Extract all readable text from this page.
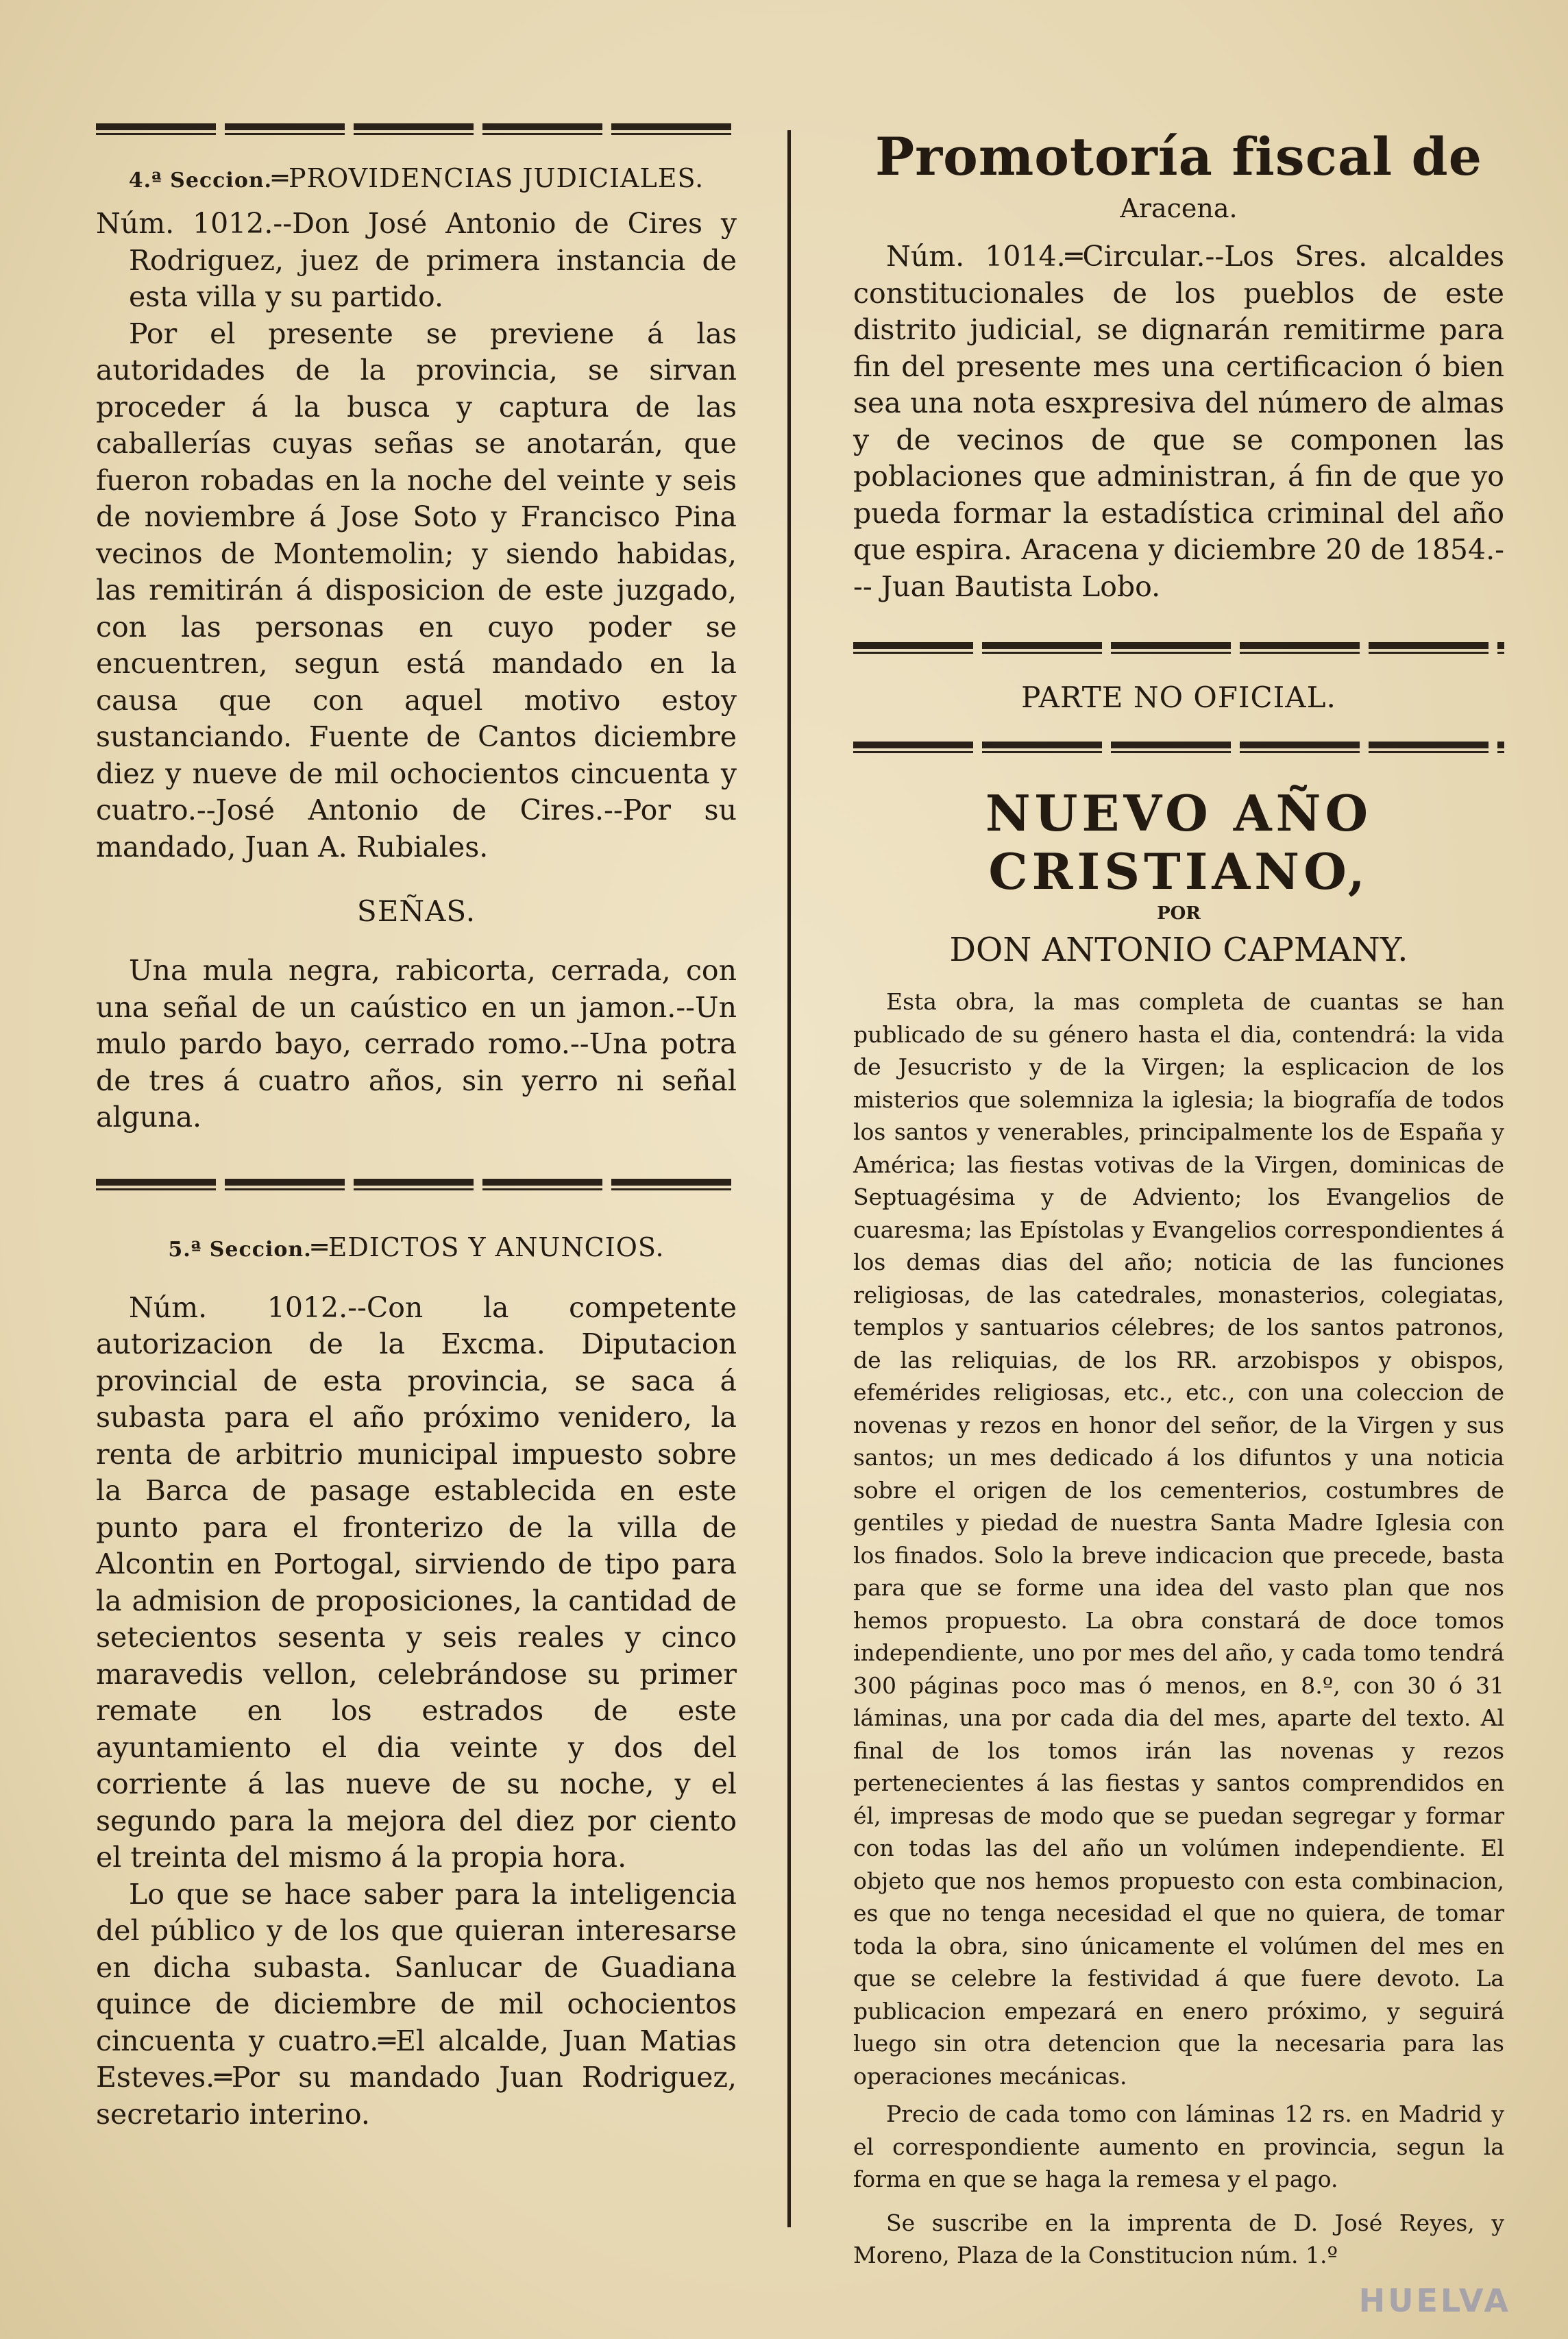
4.ª Seccion.═PROVIDENCIAS JUDICIALES.

Núm. 1012.--Don José Antonio de Cires y Rodriguez, juez de primera instancia de esta villa y su partido.

Por el presente se previene á las autoridades de la provincia, se sirvan proceder á la busca y captura de las caballerías cuyas señas se anotarán, que fueron robadas en la noche del veinte y seis de noviembre á Jose Soto y Francisco Pina vecinos de Montemolin; y siendo habidas, las remitirán á disposicion de este juzgado, con las personas en cuyo poder se encuentren, segun está mandado en la causa que con aquel motivo estoy sustanciando. Fuente de Cantos diciembre diez y nueve de mil ochocientos cincuenta y cuatro.--José Antonio de Cires.--Por su mandado, Juan A. Rubiales.

SEÑAS.

Una mula negra, rabicorta, cerrada, con una señal de un caústico en un jamon.--Un mulo pardo bayo, cerrado romo.--Una potra de tres á cuatro años, sin yerro ni señal alguna.

5.ª Seccion.═EDICTOS Y ANUNCIOS.

Núm. 1012.--Con la competente autorizacion de la Excma. Diputacion provincial de esta provincia, se saca á subasta para el año próximo venidero, la renta de arbitrio municipal impuesto sobre la Barca de pasage establecida en este punto para el fronterizo de la villa de Alcontin en Portogal, sirviendo de tipo para la admision de proposiciones, la cantidad de setecientos sesenta y seis reales y cinco maravedis vellon, celebrándose su primer remate en los estrados de este ayuntamiento el dia veinte y dos del corriente á las nueve de su noche, y el segundo para la mejora del diez por ciento el treinta del mismo á la propia hora.

Lo que se hace saber para la inteligencia del público y de los que quieran interesarse en dicha subasta. Sanlucar de Guadiana quince de diciembre de mil ochocientos cincuenta y cuatro.═El alcalde, Juan Matias Esteves.═Por su mandado Juan Rodriguez, secretario interino.

Promotoría fiscal de
Aracena.

Núm. 1014.═Circular.--Los Sres. alcaldes constitucionales de los pueblos de este distrito judicial, se dignarán remitirme para fin del presente mes una certificacion ó bien sea una nota esxpresiva del número de almas y de vecinos de que se componen las poblaciones que administran, á fin de que yo pueda formar la estadística criminal del año que espira. Aracena y diciembre 20 de 1854.--- Juan Bautista Lobo.

PARTE NO OFICIAL.
NUEVO AÑO CRISTIANO,
POR
DON ANTONIO CAPMANY.

Esta obra, la mas completa de cuantas se han publicado de su género hasta el dia, contendrá: la vida de Jesucristo y de la Virgen; la esplicacion de los misterios que solemniza la iglesia; la biografía de todos los santos y venerables, principalmente los de España y América; las fiestas votivas de la Virgen, dominicas de Septuagésima y de Adviento; los Evangelios de cuaresma; las Epístolas y Evangelios correspondientes á los demas dias del año; noticia de las funciones religiosas, de las catedrales, monasterios, colegiatas, templos y santuarios célebres; de los santos patronos, de las reliquias, de los RR. arzobispos y obispos, efemérides religiosas, etc., etc., con una coleccion de novenas y rezos en honor del señor, de la Virgen y sus santos; un mes dedicado á los difuntos y una noticia sobre el origen de los cementerios, costumbres de gentiles y piedad de nuestra Santa Madre Iglesia con los finados. Solo la breve indicacion que precede, basta para que se forme una idea del vasto plan que nos hemos propuesto. La obra constará de doce tomos independiente, uno por mes del año, y cada tomo tendrá 300 páginas poco mas ó menos, en 8.º, con 30 ó 31 láminas, una por cada dia del mes, aparte del texto. Al final de los tomos irán las novenas y rezos pertenecientes á las fiestas y santos comprendidos en él, impresas de modo que se puedan segregar y formar con todas las del año un volúmen independiente. El objeto que nos hemos propuesto con esta combinacion, es que no tenga necesidad el que no quiera, de tomar toda la obra, sino únicamente el volúmen del mes en que se celebre la festividad á que fuere devoto. La publicacion empezará en enero próximo, y seguirá luego sin otra detencion que la necesaria para las operaciones mecánicas.

Precio de cada tomo con láminas 12 rs. en Madrid y el correspondiente aumento en provincia, segun la forma en que se haga la remesa y el pago.

Se suscribe en la imprenta de D. José Reyes, y Moreno, Plaza de la Constitucion núm. 1.º

HUELVA
